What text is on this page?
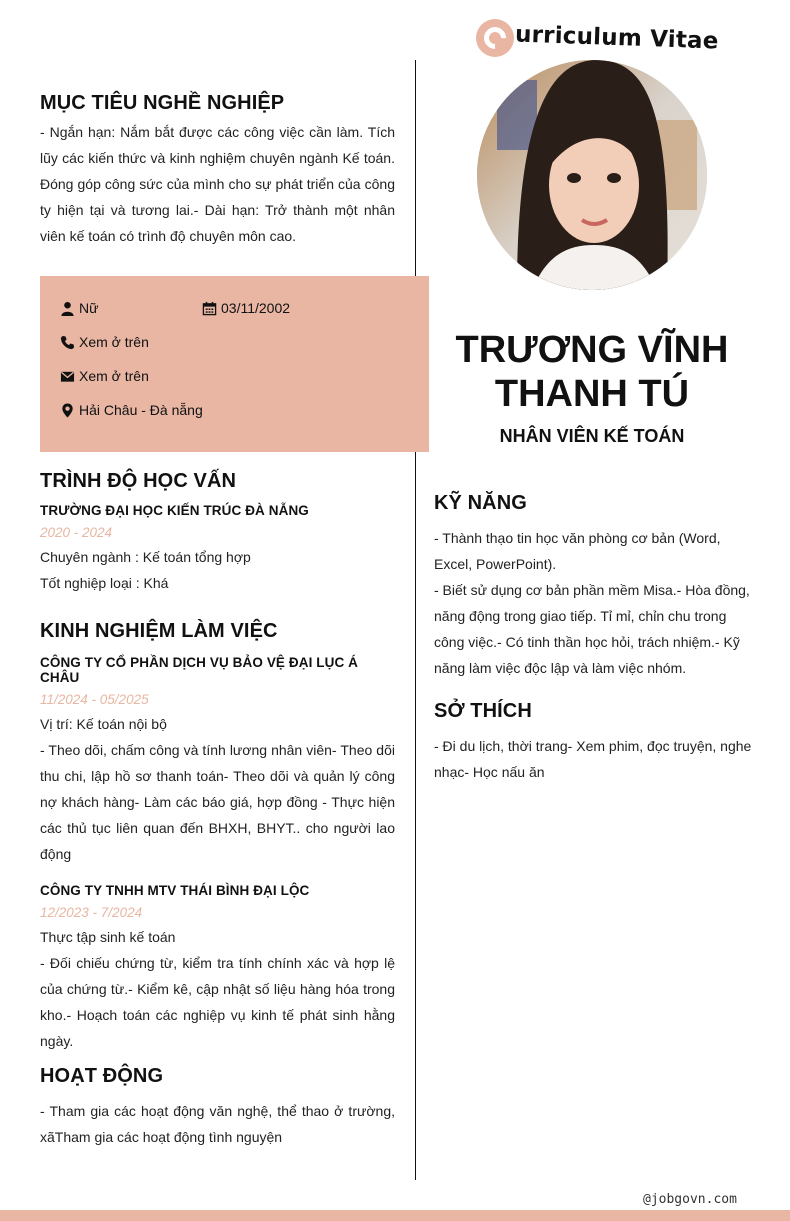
urriculum Vitae
MỤC TIÊU NGHỀ NGHIỆP

- Ngắn hạn: Nắm bắt được các công việc cần làm. Tích lũy các kiến thức và kinh nghiệm chuyên ngành Kế toán. Đóng góp công sức của mình cho sự phát triển của công ty hiện tại và tương lai.- Dài hạn: Trở thành một nhân viên kế toán có trình độ chuyên môn cao.

Nữ	03/11/2002
Xem ở trên
Xem ở trên
Hải Châu - Đà nẵng
TRÌNH ĐỘ HỌC VẤN
TRƯỜNG ĐẠI HỌC KIẾN TRÚC ĐÀ NẴNG
2020 - 2024
Chuyên ngành : Kế toán tổng hợp
Tốt nghiệp loại : Khá
KINH NGHIỆM LÀM VIỆC
CÔNG TY CỔ PHẦN DỊCH VỤ BẢO VỆ ĐẠI LỤC Á CHÂU
11/2024 - 05/2025
Vị trí: Kế toán nội bộ

- Theo dõi, chấm công và tính lương nhân viên- Theo dõi thu chi, lập hồ sơ thanh toán- Theo dõi và quản lý công nợ khách hàng- Làm các báo giá, hợp đồng - Thực hiện các thủ tục liên quan đến BHXH, BHYT.. cho người lao động

CÔNG TY TNHH MTV THÁI BÌNH ĐẠI LỘC
12/2023 - 7/2024
Thực tập sinh kế toán

- Đối chiếu chứng từ, kiểm tra tính chính xác và hợp lệ của chứng từ.- Kiểm kê, cập nhật số liệu hàng hóa trong kho.- Hoạch toán các nghiệp vụ kinh tế phát sinh hằng ngày.

HOẠT ĐỘNG

- Tham gia các hoạt động văn nghệ, thể thao ở trường, xãTham gia các hoạt động tình nguyện

TRƯƠNG VĨNH
THANH TÚ
NHÂN VIÊN KẾ TOÁN
KỸ NĂNG

- Thành thạo tin học văn phòng cơ bản (Word, Excel, PowerPoint).

- Biết sử dụng cơ bản phần mềm Misa.- Hòa đồng, năng động trong giao tiếp. Tỉ mỉ, chỉn chu trong công việc.- Có tinh thần học hỏi, trách nhiệm.- Kỹ năng làm việc độc lập và làm việc nhóm.

SỞ THÍCH

- Đi du lịch, thời trang- Xem phim, đọc truyện, nghe nhạc- Học nấu ăn

@jobgovn.com
